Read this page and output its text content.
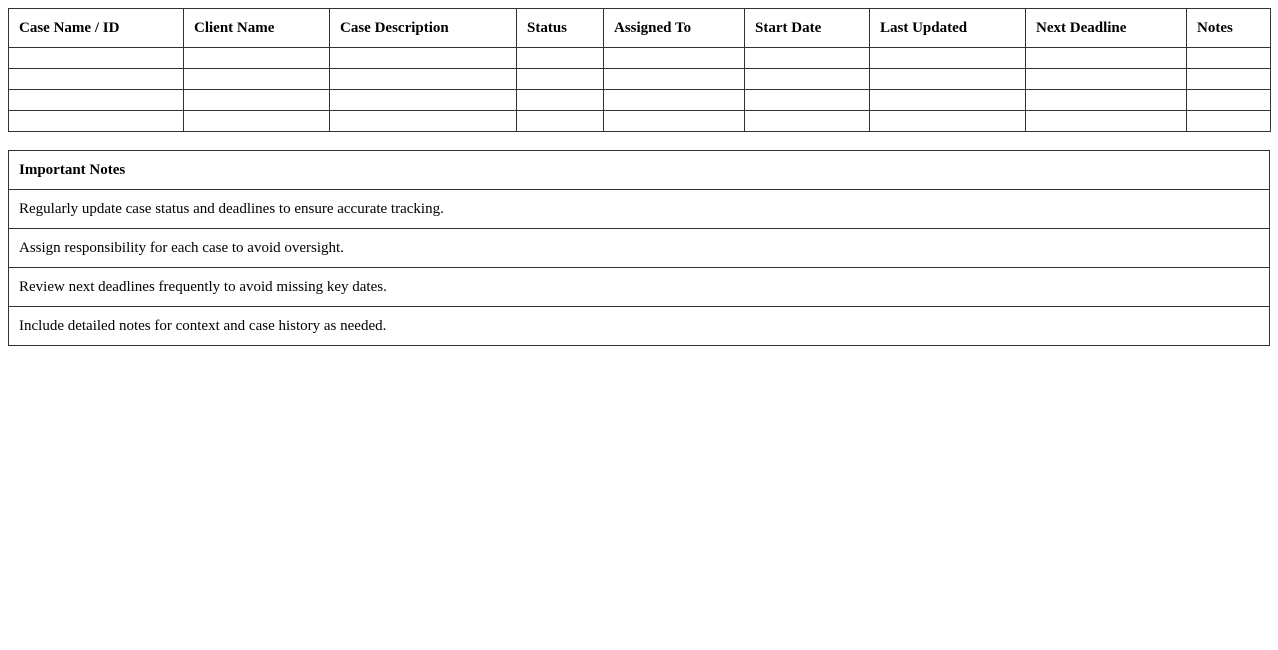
Case Name / ID	Client Name	Case Description	Status	Assigned To	Start Date	Last Updated	Next Deadline	Notes

Important Notes
Regularly update case status and deadlines to ensure accurate tracking.
Assign responsibility for each case to avoid oversight.
Review next deadlines frequently to avoid missing key dates.
Include detailed notes for context and case history as needed.
